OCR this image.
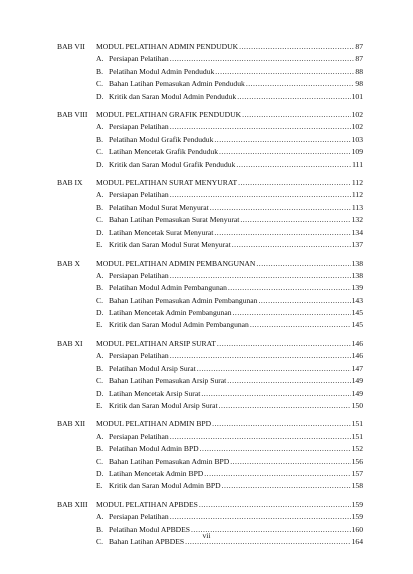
BAB VII MODUL PELATIHAN ADMIN PENDUDUK .....	87
A. Persiapan Pelatihan .....	87
B. Pelatihan Modul Admin Penduduk .....	88
C. Bahan Latihan Pemasukan Admin Penduduk .....	98
D. Kritik dan Saran Modul Admin Penduduk .....	101
BAB VIII MODUL PELATIHAN GRAFIK PENDUDUK .....	102
A. Persiapan Pelatihan .....	102
B. Pelatihan Modul Grafik Penduduk .....	103
C. Latihan Mencetak Grafik Penduduk .....	109
D. Kritik dan Saran Modul Grafik Penduduk .....	111
BAB IX MODUL PELATIHAN SURAT MENYURAT .....	112
A. Persiapan Pelatihan .....	112
B. Pelatihan Modul Surat Menyurat .....	113
C. Bahan Latihan Pemasukan Surat Menyurat .....	132
D. Latihan Mencetak Surat Menyurat .....	134
E. Kritik dan Saran Modul Surat Menyurat .....	137
BAB X MODUL PELATIHAN ADMIN PEMBANGUNAN .....	138
A. Persiapan Pelatihan .....	138
B. Pelatihan Modul Admin Pembangunan .....	139
C. Bahan Latihan Pemasukan Admin Pembangunan .....	143
D. Latihan Mencetak Admin Pembangunan .....	145
E. Kritik dan Saran Modul Admin Pembangunan .....	145
BAB XI MODUL PELATIHAN ARSIP SURAT .....	146
A. Persiapan Pelatihan .....	146
B. Pelatihan Modul Arsip Surat .....	147
C. Bahan Latihan Pemasukan Arsip Surat .....	149
D. Latihan Mencetak Arsip Surat .....	149
E. Kritik dan Saran Modul Arsip Surat .....	150
BAB XII MODUL PELATIHAN ADMIN BPD .....	151
A. Persiapan Pelatihan .....	151
B. Pelatihan Modul Admin BPD .....	152
C. Bahan Latihan Pemasukan Admin BPD .....	156
D. Latihan Mencetak Admin BPD .....	157
E. Kritik dan Saran Modul Admin BPD .....	158
BAB XIII MODUL PELATIHAN APBDES .....	159
A. Persiapan Pelatihan .....	159
B. Pelatihan Modul APBDES .....	160
C. Bahan Latihan APBDES .....	164
vii
